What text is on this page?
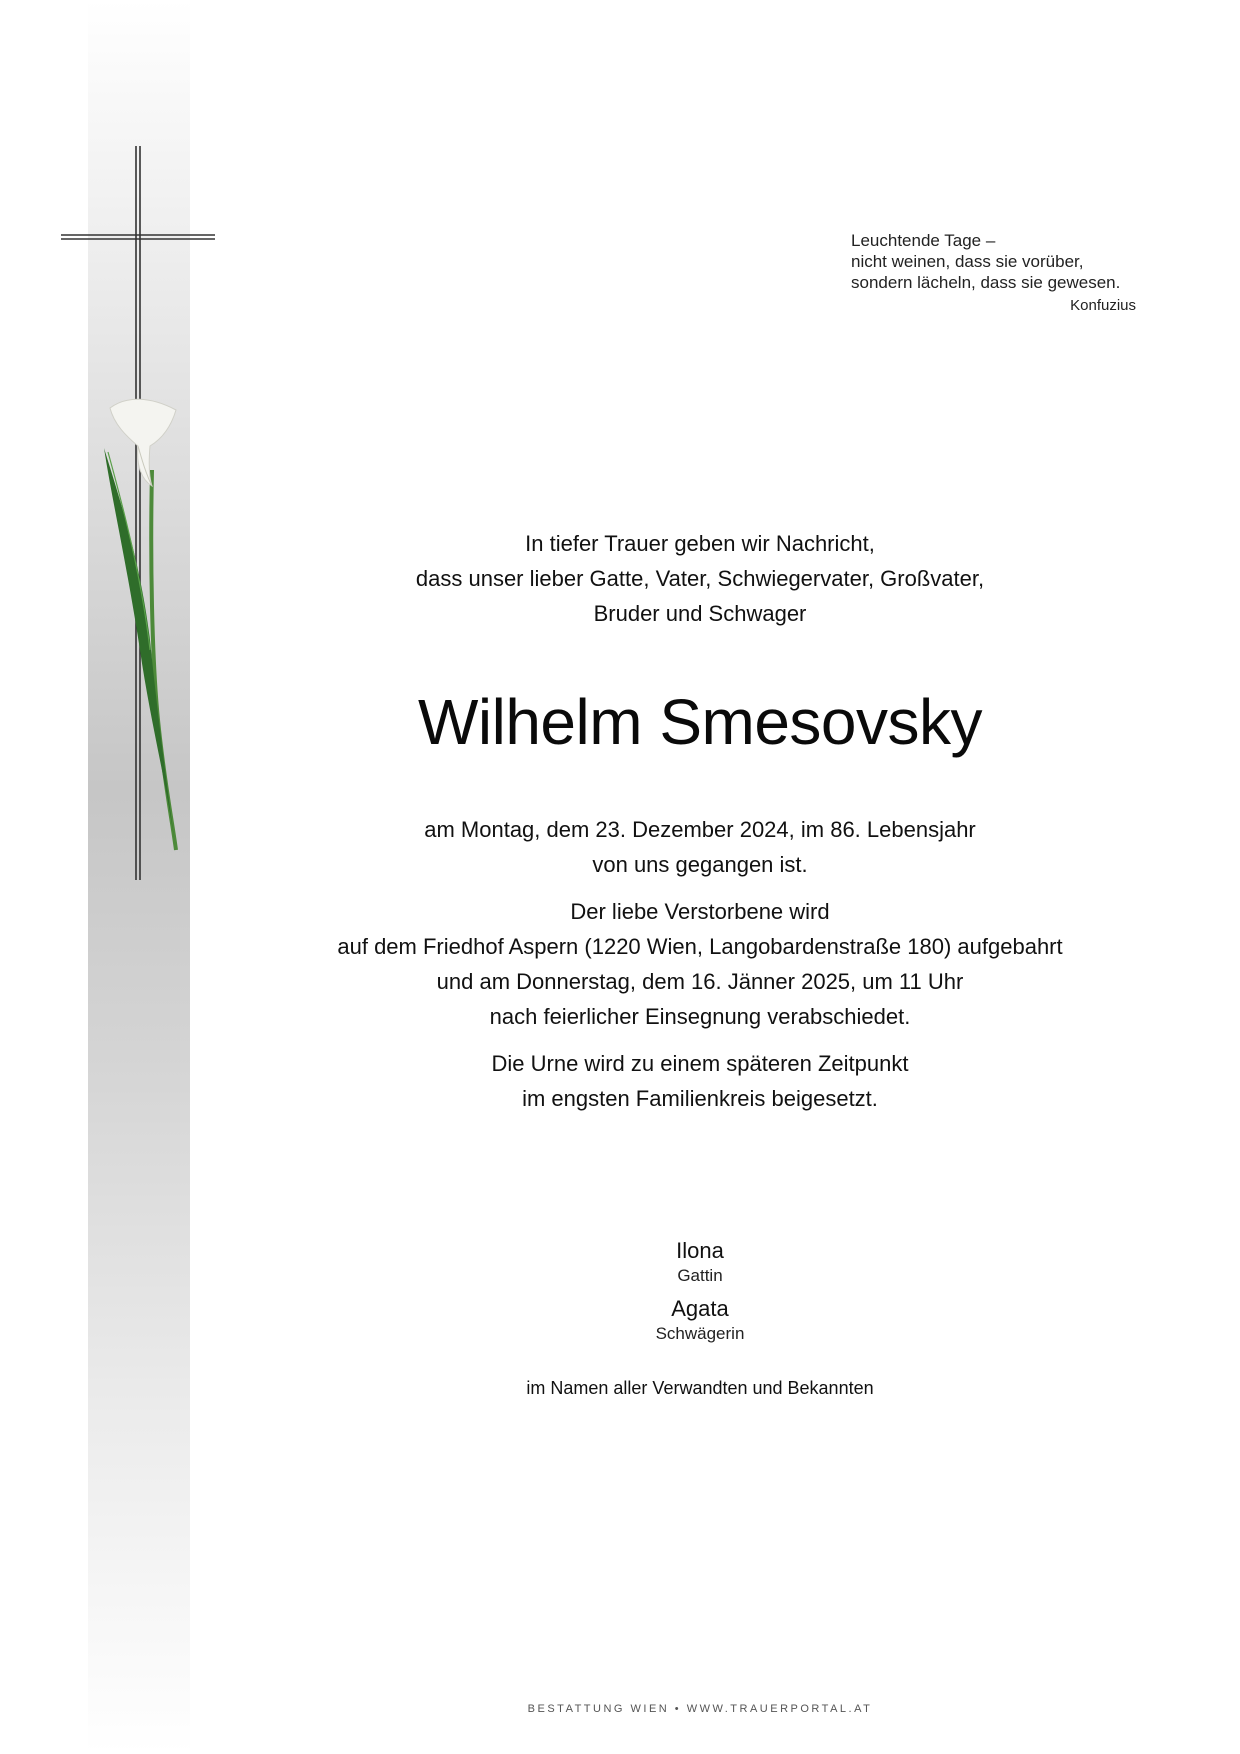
Leuchtende Tage –
nicht weinen, dass sie vorüber,
sondern lächeln, dass sie gewesen.
Konfuzius
In tiefer Trauer geben wir Nachricht,
dass unser lieber Gatte, Vater, Schwiegervater, Großvater,
Bruder und Schwager
Wilhelm Smesovsky
am Montag, dem 23. Dezember 2024, im 86. Lebensjahr
von uns gegangen ist.
Der liebe Verstorbene wird
auf dem Friedhof Aspern (1220 Wien, Langobardenstraße 180) aufgebahrt
und am Donnerstag, dem 16. Jänner 2025, um 11 Uhr
nach feierlicher Einsegnung verabschiedet.
Die Urne wird zu einem späteren Zeitpunkt
im engsten Familienkreis beigesetzt.
Ilona
Gattin
Agata
Schwägerin
im Namen aller Verwandten und Bekannten
BESTATTUNG WIEN • WWW.TRAUERPORTAL.AT
